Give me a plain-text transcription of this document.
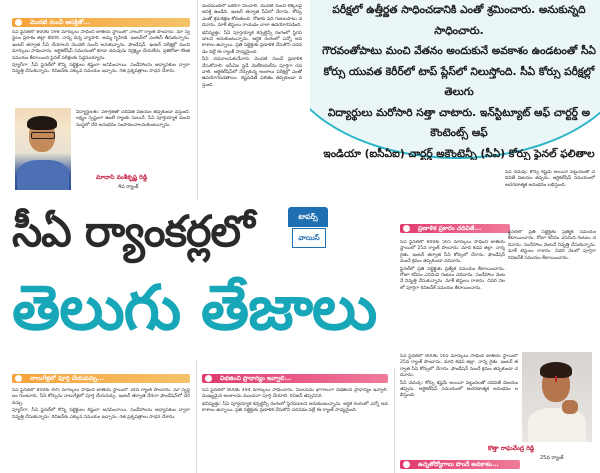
మొదటి నుంచీ ఆసక్తితో...

సీఏ ఫైనల్‌లో 800కు 598 మార్కులు సాధించి జాతీయ స్థాయిలో నాలుగో ర్యాంక్ పొందాను. మా స్వస్థలం ప్రకాశం జిల్లా కనిగిరి. నాన్న చిన్న వ్యాపారి. అమ్మ గృహిణి. ఇంటర్‌లో ఎంఈసీ తీసుకున్నాను. ఇంటర్ తర్వాత సీఏ చేయాలని మొదటి నుంచీ అనుకున్నాను. ఫౌండేషన్, ఇంటర్ పరీక్షల్లో మంచి మార్కులు సాధించాను. ఆర్టికల్‌షిప్ సమయంలో కూడా చదువును నిర్లక్ష్యం చేయలేదు. ప్రతిరోజూ కొంత సమయం కేటాయించి ఫైనల్ పరీక్షలకు సిద్ధమయ్యాను.

ప్యూర్‌గా: సీఏ ఫైనల్‌లో కొన్ని సబ్జెక్టులు కష్టంగా అనిపించాయి. సందేహాలను అధ్యాపకుల ద్వారా నివృత్తి చేసుకున్నాను. రివిజన్‌కు ఎక్కువ సమయం ఇచ్చాను. గత ప్రశ్నపత్రాలు సాధన చేశాను.

విద్యార్థులకు: ఏకాగ్రతతో చదివితే విజయం తప్పకుండా వస్తుంది. లక్ష్యం స్పష్టంగా ఉంటే ర్యాంకు సులువే. సీఏ పూర్తయ్యాక మంచి సంస్థలో చేరి అనుభవం సంపాదించాలనుకుంటున్నాను.

మాదాసి వంశీకృష్ణ రెడ్డి
4వ ర్యాంక్

వందమందిలో ఒకరిగా నిలవాలి. మొదటి నుంచీ లెక్కలపై ఆసక్తి ఉండేది. ఇంటర్ తర్వాత సీఏలో చేరాను. కోర్సు ఎంతో క్రమశిక్షణ కోరుతుంది. రోజుకు పది గంటలపాటు చదివాను. మాక్ టెస్టులు రాయడం చాలా ఉపయోగపడింది.

భవిష్యత్తు: సీఏ పూర్తయ్యాక కన్సల్టెన్సీ రంగంలో స్థిరపడాలని అనుకుంటున్నాను. ఆర్థిక రంగంలో ఎన్నో అవకాశాలు ఉన్నాయి. ప్రతి సబ్జెక్టుకు ప్రణాళిక వేసుకొని చదవడం వల్లే ఈ ర్యాంక్ సాధ్యమైంది.

సీఏ చదవాలనుకునేవారు మొదటి నుంచే ప్రణాళిక వేసుకోవాలి. ఐసీఏఐ స్టడీ మెటీరియల్‌ను పూర్తిగా చదవాలి. ఆర్టికల్‌షిప్‌లో నేర్చుకున్న అంశాలు పరీక్షల్లో ఎంతో ఉపయోగపడతాయి. కష్టపడితే ఫలితం తప్పకుండా వస్తుంది.

పరీక్షలో ఉత్తీర్ణత సాధించడానికి ఎంతో శ్రమించారు. అనుకున్నది సాధించారు.
గౌరవంతోపాటు మంచి వేతనం అందుకునే అవకాశం ఉండటంతో సీఏ
కోర్సు యువత కెరీర్‌లో టాప్ ప్లేస్‌లో నిలుస్తోంది. సీఏ కోర్సు పరీక్షల్లో తెలుగు
విద్యార్థులు మరోసారి సత్తా చాటారు. ఇన్‌స్టిట్యూట్ ఆఫ్ చార్టర్డ్ అకౌంటెంట్స్ ఆఫ్
ఇండియా (ఐసీఏఐ) చార్టర్డ్ అకౌంటెన్సీ (సీఏ) కోర్సు ఫైనల్ ఫలితాల
సీఏ ర్యాంకర్లలో
తెలుగు తేజాలు
టాపర్స్
వాయిస్

సీఏ చదువు: కోర్సు కష్టమే అయినా పట్టుదలతో చదివితే విజయం తప్పదు. ఆర్టికల్‌షిప్ సమయంలో ఆచరణాత్మక అనుభవం లభిస్తుంది.

ప్రణాళిక ప్రకారం చదివితే...

సీఏ ఫైనల్‌లో 800కు 565 మార్కులు సాధించి జాతీయ స్థాయిలో 25వ ర్యాంక్ పొందాను. మాది కడప జిల్లా. నాన్న రైతు. ఇంటర్ తర్వాత సీఏ కోర్సులో చేరాను. ఫౌండేషన్ నుంచే క్రమం తప్పకుండా చదివాను.

ఫైనల్‌లో ప్రతి సబ్జెక్టుకు ప్రత్యేక సమయం కేటాయించాను. రోజూ కనీసం ఎనిమిది గంటలు చదివాను. సందేహాలు వెంటనే నివృత్తి చేసుకున్నాను. మాక్ టెస్టులు రాశాను. చివరి నెలలో పూర్తిగా రివిజన్‌కే సమయం కేటాయించాను.

ఫైనల్‌లో ప్రతి సబ్జెక్టుకు ప్రత్యేక సమయం కేటాయించాను. రోజూ కనీసం ఎనిమిది గంటలు చదివాను. సందేహాలు వెంటనే నివృత్తి చేసుకున్నాను. మాక్ టెస్టులు రాశాను. చివరి నెలలో పూర్తిగా రివిజన్‌కే సమయం కేటాయించాను.

సీఏ ఫైనల్‌లో 800కు 565 మార్కులు సాధించి జాతీయ స్థాయిలో 25వ ర్యాంక్ పొందాను. మాది కడప జిల్లా. నాన్న రైతు. ఇంటర్ తర్వాత సీఏ కోర్సులో చేరాను. ఫౌండేషన్ నుంచే క్రమం తప్పకుండా చదివాను.

సీఏ చదువు: కోర్సు కష్టమే అయినా పట్టుదలతో చదివితే విజయం తప్పదు. ఆర్టికల్‌షిప్ సమయంలో ఆచరణాత్మక అనుభవం లభిస్తుంది.

కొత్తా రాఘవేంద్ర రెడ్డి
25వ ర్యాంక్
నాలుగేళ్లలో పూర్తి చేయవచ్చు...

సీఏ ఫైనల్‌లో 800కు 495 మార్కులు సాధించి జాతీయ స్థాయిలో 34వ ర్యాంక్ పొందాను. మా స్వస్థలం గుంటూరు. సీఏ కోర్సును నాలుగేళ్లలో పూర్తి చేయవచ్చు. ఇంటర్ తర్వాత నేరుగా ఫౌండేషన్‌లో చేరవచ్చు.

ప్యూర్‌గా: సీఏ ఫైనల్‌లో కొన్ని సబ్జెక్టులు కష్టంగా అనిపించాయి. సందేహాలను అధ్యాపకుల ద్వారా నివృత్తి చేసుకున్నాను. రివిజన్‌కు ఎక్కువ సమయం ఇచ్చాను. గత ప్రశ్నపత్రాలు సాధన చేశాను.

విభజించి ప్రాధాన్యం ఇవ్వాలి...

సీఏ ఫైనల్‌లో 800కు 494 మార్కులు సాధించాను. సిలబస్‌ను భాగాలుగా విభజించి ప్రాధాన్యం ఇవ్వాలి. ముఖ్యమైన అంశాలను ముందుగా పూర్తి చేయాలి. రివిజన్ తప్పనిసరి.

భవిష్యత్తు: సీఏ పూర్తయ్యాక కన్సల్టెన్సీ రంగంలో స్థిరపడాలని అనుకుంటున్నాను. ఆర్థిక రంగంలో ఎన్నో అవకాశాలు ఉన్నాయి. ప్రతి సబ్జెక్టుకు ప్రణాళిక వేసుకొని చదవడం వల్లే ఈ ర్యాంక్ సాధ్యమైంది.

ఉన్నతోద్యోగాలు పొందే అవకాశం...
